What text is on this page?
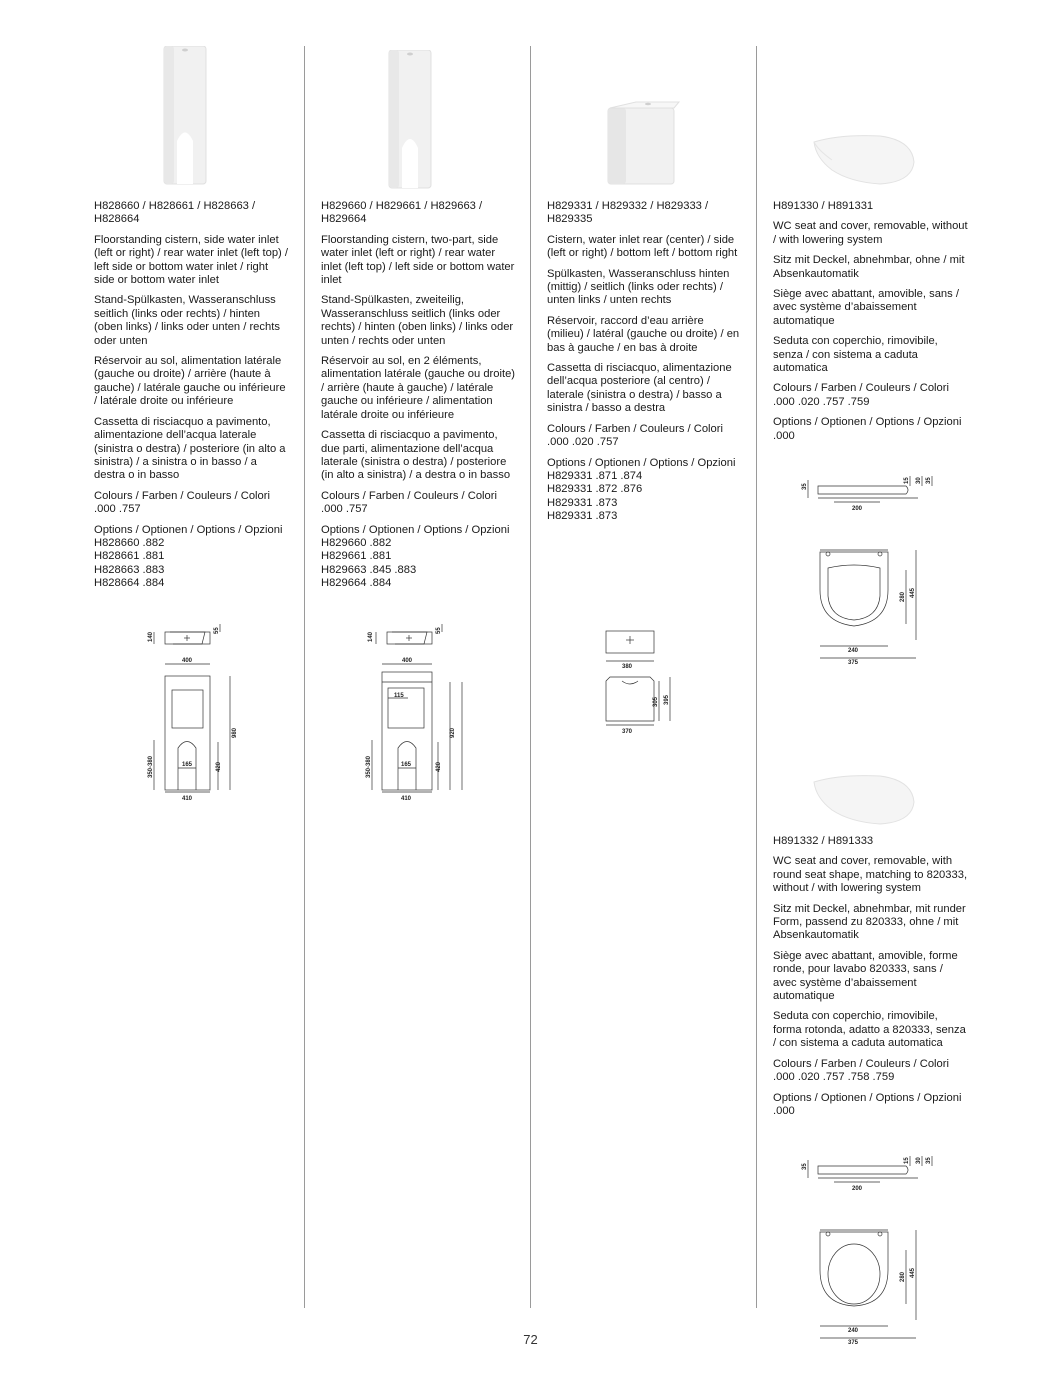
H828660 / H828661 / H828663 / H828664

Floorstanding cistern, side water inlet (left or right) / rear water inlet (left top) / left side or bottom water inlet / right side or bottom water inlet

Stand-Spülkasten, Wasseranschluss seitlich (links oder rechts) / hinten (oben links) / links oder unten / rechts oder unten

Réservoir au sol, alimentation latérale (gauche ou droite) / arrière (haute à gauche) / latérale gauche ou inférieure / latérale droite ou inférieure

Cassetta di risciacquo a pavimento, alimentazione dell’acqua laterale (sinistra o destra) / posteriore (in alto a sinistra) / a sinistra o in basso / a destra o in basso

Colours / Farben / Couleurs / Colori
.000 .757

Options / Optionen / Options / Opzioni
H828660 .882
H828661 .881
H828663 .883
H828664 .884
140
55
400
980
420
350-380	165
410

H829660 / H829661 / H829663 / H829664

Floorstanding cistern, two-part, side water inlet (left or right) / rear water inlet (left top) / left side or bottom water inlet

Stand-Spülkasten, zweiteilig, Wasseranschluss seitlich (links oder rechts) / hinten (oben links) / links oder unten / rechts oder unten

Réservoir au sol, en 2 éléments, alimentation latérale (gauche ou droite) / arrière (haute à gauche) / latérale gauche ou inférieure / alimentation latérale droite ou inférieure

Cassetta di risciacquo a pavimento, due parti, alimentazione dell’acqua laterale (sinistra o destra) / posteriore (in alto a sinistra) / a destra o in basso

Colours / Farben / Couleurs / Colori
.000 .757

Options / Optionen / Options / Opzioni
H829660 .882
H829661 .881
H829663 .845 .883
H829664 .884
140
55
400
115
920
420
350-380	165
410

H829331 / H829332 / H829333 / H829335

Cistern, water inlet rear (center) / side (left or right) / bottom left / bottom right

Spülkasten, Wasseranschluss hinten (mittig) / seitlich (links oder rechts) / unten links / unten rechts

Réservoir, raccord d’eau arrière (milieu) / latéral (gauche ou droite) / en bas à gauche / en bas à droite

Cassetta di risciacquo, alimentazione dell’acqua posteriore (al centro) / laterale (sinistra o destra) / basso a sinistra / basso a destra

Colours / Farben / Couleurs / Colori
.000 .020 .757

Options / Optionen / Options / Opzioni
H829331 .871 .874
H829331 .872 .876
H829331 .873
H829331 .873
380
305 395
370

H891330 / H891331

WC seat and cover, removable, without / with lowering system

Sitz mit Deckel, abnehmbar, ohne / mit Absenkautomatik

Siège avec abattant, amovible, sans / avec système d’abaissement automatique

Seduta con coperchio, rimovibile, senza / con sistema a caduta automatica

Colours / Farben / Couleurs / Colori
.000 .020 .757 .759

Options / Optionen / Options / Opzioni
.000
35
15 30 35
200
280 445
240
375

H891332 / H891333

WC seat and cover, removable, with round seat shape, matching to 820333, without / with lowering system

Sitz mit Deckel, abnehmbar, mit runder Form, passend zu 820333, ohne / mit Absenkautomatik

Siège avec abattant, amovible, forme ronde, pour lavabo 820333, sans / avec système d’abaissement automatique

Seduta con coperchio, rimovibile, forma rotonda, adatto a 820333, senza / con sistema a caduta automatica

Colours / Farben / Couleurs / Colori
.000 .020 .757 .758 .759

Options / Optionen / Options / Opzioni
.000
35
15 30 35
200
280 445
240
375
72
